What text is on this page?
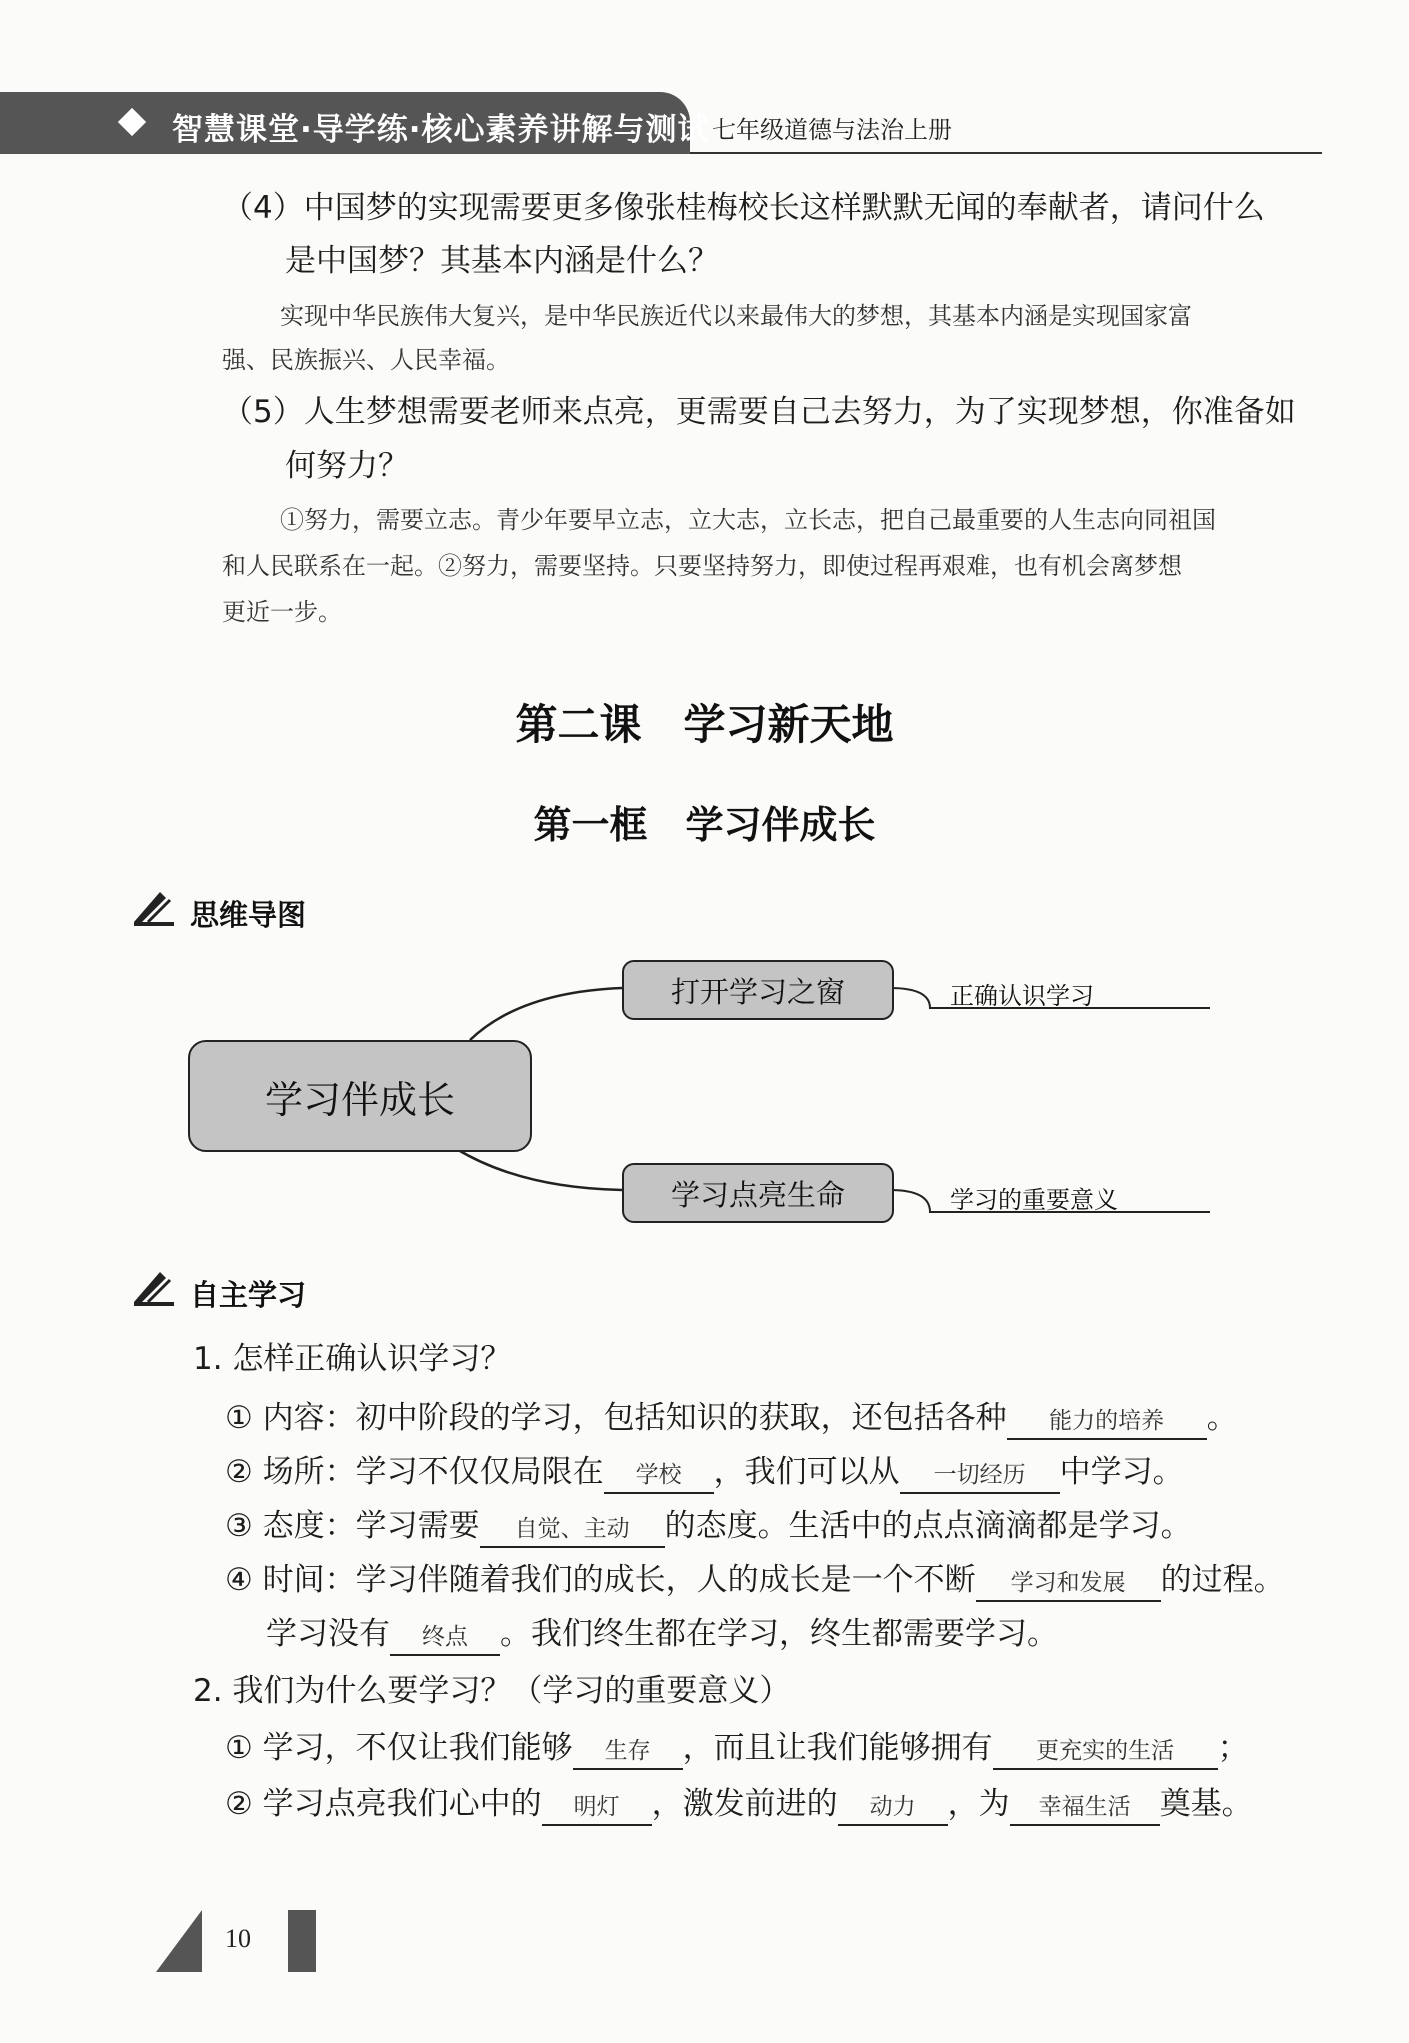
智慧课堂·导学练·核心素养讲解与测试 七年级道德与法治上册
（4）中国梦的实现需要更多像张桂梅校长这样默默无闻的奉献者，请问什么
是中国梦？其基本内涵是什么？
实现中华民族伟大复兴，是中华民族近代以来最伟大的梦想，其基本内涵是实现国家富
强、民族振兴、人民幸福。
（5）人生梦想需要老师来点亮，更需要自己去努力，为了实现梦想，你准备如
何努力？
①努力，需要立志。青少年要早立志，立大志，立长志，把自己最重要的人生志向同祖国
和人民联系在一起。②努力，需要坚持。只要坚持努力，即使过程再艰难，也有机会离梦想
更近一步。
第二课　学习新天地
第一框　学习伴成长
思维导图
学习伴成长
打开学习之窗
学习点亮生命
正确认识学习
学习的重要意义
自主学习
1. 怎样正确认识学习？
① 内容：初中阶段的学习，包括知识的获取，还包括各种 能力的培养 。
② 场所：学习不仅仅局限在 学校 ，我们可以从 一切经历 中学习。
③ 态度：学习需要 自觉、主动 的态度。生活中的点点滴滴都是学习。
④ 时间：学习伴随着我们的成长，人的成长是一个不断 学习和发展 的过程。
学习没有 终点 。我们终生都在学习，终生都需要学习。
2. 我们为什么要学习？（学习的重要意义）
① 学习，不仅让我们能够 生存 ，而且让我们能够拥有 更充实的生活 ；
② 学习点亮我们心中的 明灯 ，激发前进的 动力 ，为 幸福生活 奠基。
10
